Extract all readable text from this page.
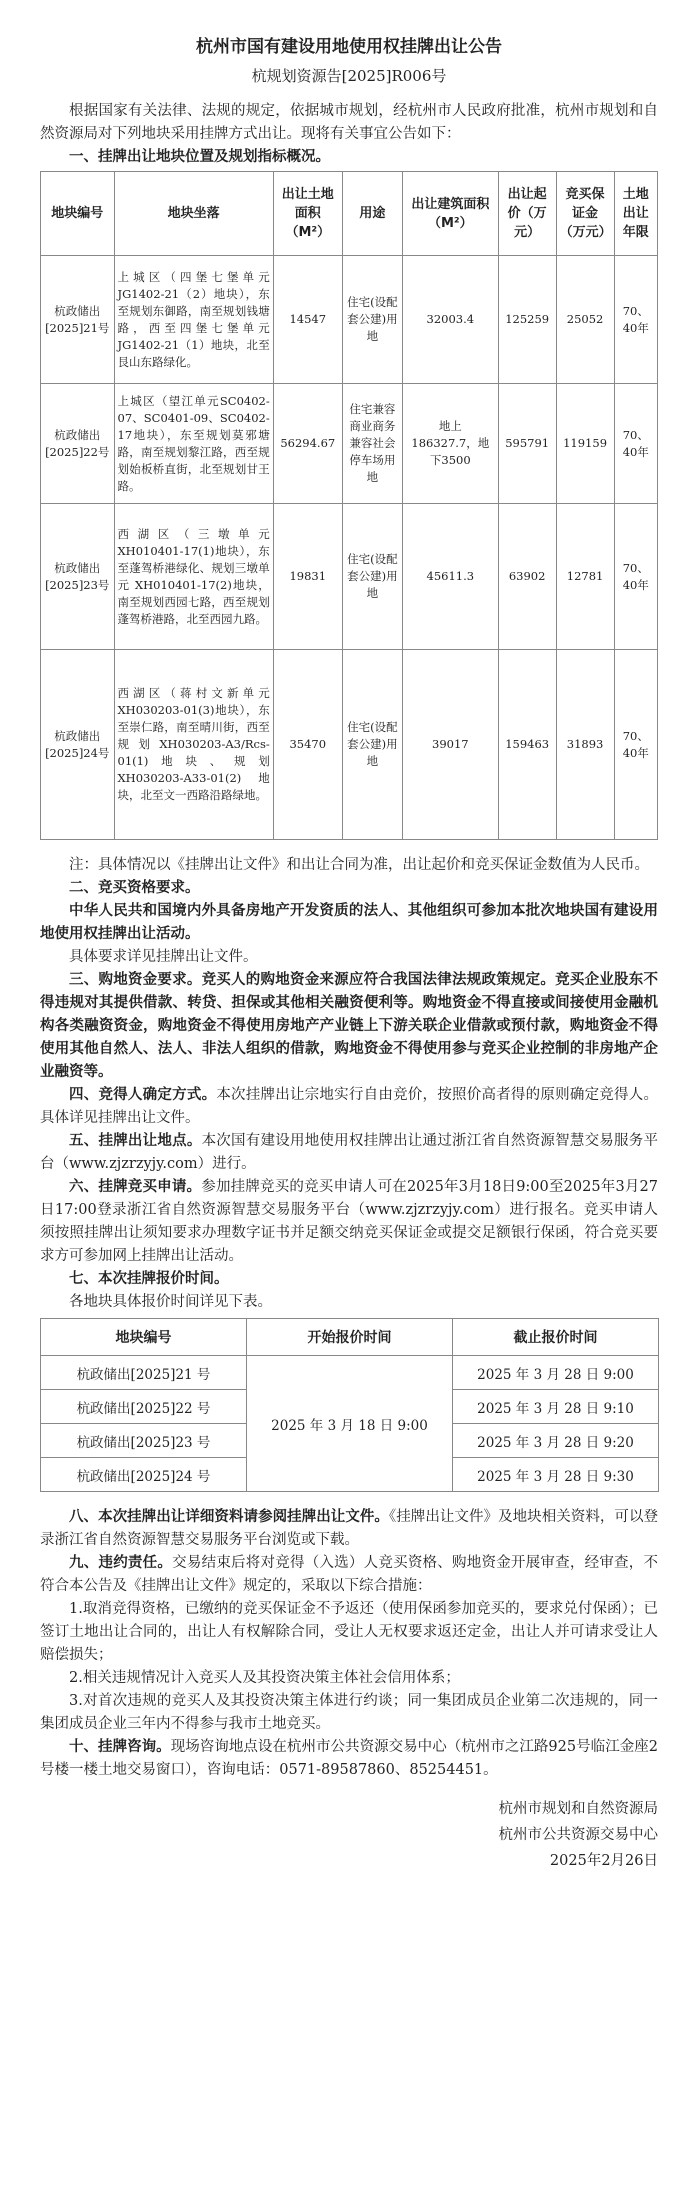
杭州市国有建设用地使用权挂牌出让公告
杭规划资源告[2025]R006号

根据国家有关法律、法规的规定，依据城市规划，经杭州市人民政府批准，杭州市规划和自然资源局对下列地块采用挂牌方式出让。现将有关事宜公告如下：

一、挂牌出让地块位置及规划指标概况。

地块编号	地块坐落	出让土地面积（M²）	用途	出让建筑面积（M²）	出让起价（万元）	竞买保证金（万元）	土地出让年限
杭政储出[2025]21号	上城区（四堡七堡单元JG1402-21（2）地块），东至规划东御路，南至规划钱塘路，西至四堡七堡单元 JG1402-21（1）地块，北至艮山东路绿化。	14547	住宅(设配套公建)用地	32003.4	125259	25052	70、40年
杭政储出[2025]22号	上城区（望江单元SC0402-07、SC0401-09、SC0402-17地块），东至规划莫邪塘路，南至规划黎江路，西至规划始板桥直街，北至规划甘王路。	56294.67	住宅兼容商业商务兼容社会停车场用地	地上186327.7，地下3500	595791	119159	70、40年
杭政储出[2025]23号	西湖区（三墩单元XH010401-17(1)地块），东至蓬驾桥港绿化、规划三墩单元 XH010401-17(2)地块，南至规划西园七路，西至规划蓬驾桥港路，北至西园九路。	19831	住宅(设配套公建)用地	45611.3	63902	12781	70、40年
杭政储出[2025]24号	西湖区（蒋村文新单元XH030203-01(3)地块），东至崇仁路，南至晴川街，西至规划XH030203-A3/Rcs-01(1)地块、规划XH030203-A33-01(2)地块，北至文一西路沿路绿地。	35470	住宅(设配套公建)用地	39017	159463	31893	70、40年

注：具体情况以《挂牌出让文件》和出让合同为准，出让起价和竞买保证金数值为人民币。

二、竞买资格要求。

中华人民共和国境内外具备房地产开发资质的法人、其他组织可参加本批次地块国有建设用地使用权挂牌出让活动。

具体要求详见挂牌出让文件。

三、购地资金要求。竞买人的购地资金来源应符合我国法律法规政策规定。竞买企业股东不得违规对其提供借款、转贷、担保或其他相关融资便利等。购地资金不得直接或间接使用金融机构各类融资资金，购地资金不得使用房地产产业链上下游关联企业借款或预付款，购地资金不得使用其他自然人、法人、非法人组织的借款，购地资金不得使用参与竞买企业控制的非房地产企业融资等。

四、竞得人确定方式。本次挂牌出让宗地实行自由竞价，按照价高者得的原则确定竞得人。具体详见挂牌出让文件。

五、挂牌出让地点。本次国有建设用地使用权挂牌出让通过浙江省自然资源智慧交易服务平台（www.zjzrzyjy.com）进行。

六、挂牌竞买申请。参加挂牌竞买的竞买申请人可在2025年3月18日9:00至2025年3月27日17:00登录浙江省自然资源智慧交易服务平台（www.zjzrzyjy.com）进行报名。竞买申请人须按照挂牌出让须知要求办理数字证书并足额交纳竞买保证金或提交足额银行保函，符合竞买要求方可参加网上挂牌出让活动。

七、本次挂牌报价时间。

各地块具体报价时间详见下表。

地块编号	开始报价时间	截止报价时间
杭政储出[2025]21 号	2025 年 3 月 18 日 9:00	2025 年 3 月 28 日 9:00
杭政储出[2025]22 号		2025 年 3 月 28 日 9:10
杭政储出[2025]23 号		2025 年 3 月 28 日 9:20
杭政储出[2025]24 号		2025 年 3 月 28 日 9:30

八、本次挂牌出让详细资料请参阅挂牌出让文件。《挂牌出让文件》及地块相关资料，可以登录浙江省自然资源智慧交易服务平台浏览或下载。

九、违约责任。交易结束后将对竞得（入选）人竞买资格、购地资金开展审查，经审查，不符合本公告及《挂牌出让文件》规定的，采取以下综合措施：

1.取消竞得资格，已缴纳的竞买保证金不予返还（使用保函参加竞买的，要求兑付保函）；已签订土地出让合同的，出让人有权解除合同，受让人无权要求返还定金，出让人并可请求受让人赔偿损失；

2.相关违规情况计入竞买人及其投资决策主体社会信用体系；

3.对首次违规的竞买人及其投资决策主体进行约谈；同一集团成员企业第二次违规的，同一集团成员企业三年内不得参与我市土地竞买。

十、挂牌咨询。现场咨询地点设在杭州市公共资源交易中心（杭州市之江路925号临江金座2号楼一楼土地交易窗口），咨询电话：0571-89587860、85254451。

杭州市规划和自然资源局
杭州市公共资源交易中心
2025年2月26日
